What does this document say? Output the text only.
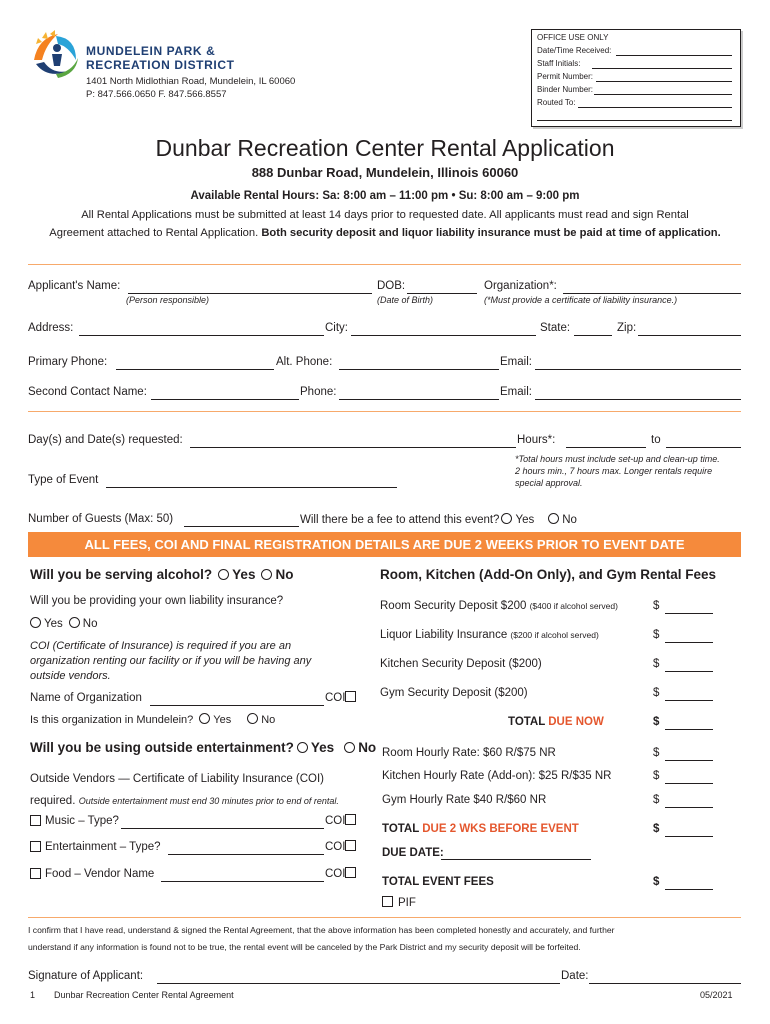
MUNDELEIN PARK &
RECREATION DISTRICT
1401 North Midlothian Road, Mundelein, IL 60060
P: 847.566.0650 F. 847.566.8557
OFFICE USE ONLY
Date/Time Received:
Staff Initials:
Permit Number:
Binder Number:
Routed To:
Dunbar Recreation Center Rental Application
888 Dunbar Road, Mundelein, Illinois 60060
Available Rental Hours: Sa: 8:00 am – 11:00 pm • Su: 8:00 am – 9:00 pm
All Rental Applications must be submitted at least 14 days prior to requested date. All applicants must read and sign Rental
Agreement attached to Rental Application. Both security deposit and liquor liability insurance must be paid at time of application.
Applicant's Name:
(Person responsible)
DOB:
(Date of Birth)
Organization*:
(*Must provide a certificate of liability insurance.)
Address:	City:	State:	Zip:
Primary Phone:	Alt. Phone:	Email:
Second Contact Name:	Phone:	Email:
Day(s) and Date(s) requested:	Hours*:	to
*Total hours must include set-up and clean-up time.
2 hours min., 7 hours max. Longer rentals require
special approval.
Type of Event
Number of Guests (Max: 50)	Will there be a fee to attend this event? Yes No
ALL FEES, COI AND FINAL REGISTRATION DETAILS ARE DUE 2 WEEKS PRIOR TO EVENT DATE
Will you be serving alcohol? Yes No
Will you be providing your own liability insurance?
Yes No
COI (Certificate of Insurance) is required if you are an
organization renting our facility or if you will be having any
outside vendors.
Name of Organization	COI
Is this organization in Mundelein? Yes	No
Will you be using outside entertainment? Yes No
Outside Vendors — Certificate of Liability Insurance (COI)
required. Outside entertainment must end 30 minutes prior to end of rental.
Music – Type?	COI
Entertainment – Type?	COI
Food – Vendor Name	COI
Room, Kitchen (Add-On Only), and Gym Rental Fees
Room Security Deposit $200 ($400 if alcohol served)	$
Liquor Liability Insurance ($200 if alcohol served)	$
Kitchen Security Deposit ($200)	$
Gym Security Deposit ($200)	$
TOTAL DUE NOW	$
Room Hourly Rate: $60 R/$75 NR	$
Kitchen Hourly Rate (Add-on): $25 R/$35 NR	$
Gym Hourly Rate $40 R/$60 NR	$
TOTAL DUE 2 WKS BEFORE EVENT	$
DUE DATE:
TOTAL EVENT FEES	$
PIF
I confirm that I have read, understand & signed the Rental Agreement, that the above information has been completed honestly and accurately, and further
understand if any information is found not to be true, the rental event will be canceled by the Park District and my security deposit will be forfeited.
Signature of Applicant:	Date:
1 Dunbar Recreation Center Rental Agreement	05/2021
